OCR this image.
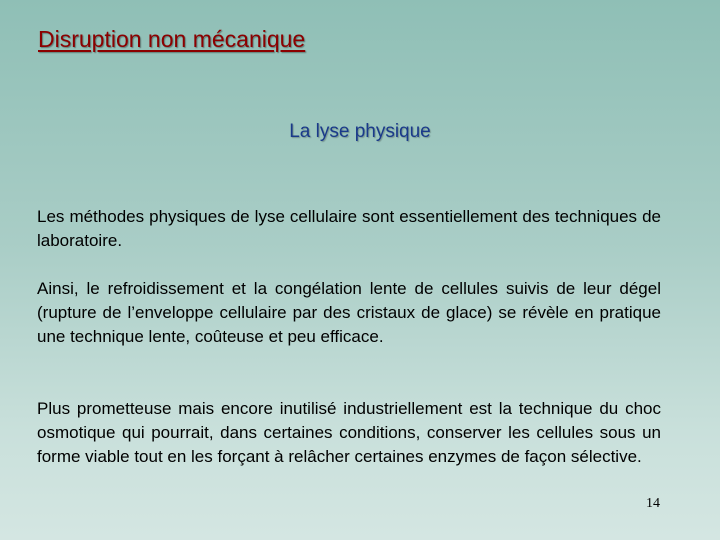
Disruption non mécanique
La lyse physique
Les méthodes physiques de lyse cellulaire sont essentiellement des techniques de laboratoire.
Ainsi, le refroidissement et la congélation lente de cellules suivis de leur dégel (rupture de l’enveloppe cellulaire par des cristaux de glace) se révèle en pratique une technique lente, coûteuse et peu efficace.
Plus prometteuse mais encore inutilisé industriellement est la technique du choc osmotique qui pourrait, dans certaines conditions, conserver les cellules sous un forme viable tout en les forçant à relâcher certaines enzymes de façon sélective.
14
